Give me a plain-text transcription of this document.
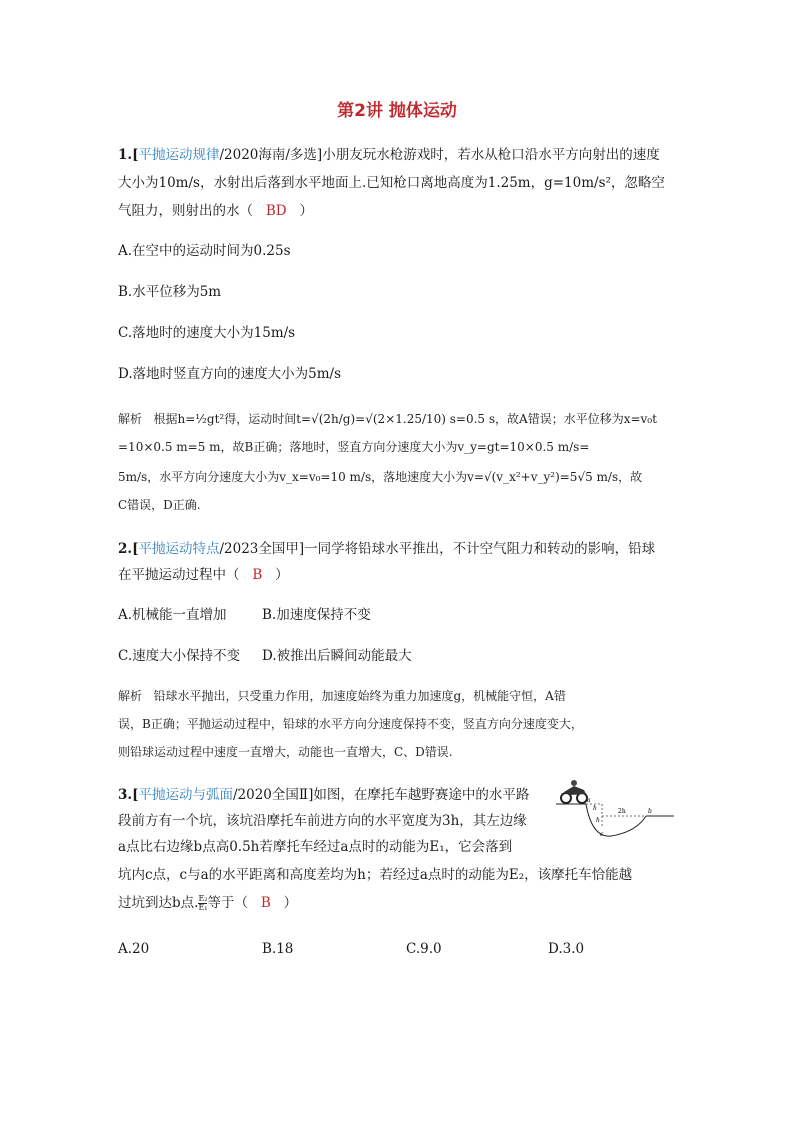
第2讲 抛体运动
1.[平抛运动规律/2020海南/多选]小朋友玩水枪游戏时，若水从枪口沿水平方向射出的速度
大小为10m/s，水射出后落到水平地面上.已知枪口离地高度为1.25m，g=10m/s²，忽略空
气阻力，则射出的水（ BD ）
A.在空中的运动时间为0.25s
B.水平位移为5m
C.落地时的速度大小为15m/s
D.落地时竖直方向的速度大小为5m/s
解析 根据h=½gt²得，运动时间t=√(2h/g)=√(2×1.25/10) s=0.5 s，故A错误；水平位移为x=v₀t
=10×0.5 m=5 m，故B正确；落地时，竖直方向分速度大小为v_y=gt=10×0.5 m/s=
5m/s，水平方向分速度大小为v_x=v₀=10 m/s，落地速度大小为v=√(v_x²+v_y²)=5√5 m/s，故
C错误，D正确.
2.[平抛运动特点/2023全国甲]一同学将铅球水平推出，不计空气阻力和转动的影响，铅球
在平抛运动过程中（ B ）
A.机械能一直增加	B.加速度保持不变
C.速度大小保持不变 D.被推出后瞬间动能最大
解析 铅球水平抛出，只受重力作用，加速度始终为重力加速度g，机械能守恒，A错
误，B正确；平抛运动过程中，铅球的水平方向分速度保持不变，竖直方向分速度变大，
则铅球运动过程中速度一直增大，动能也一直增大，C、D错误.
3.[平抛运动与弧面/2020全国Ⅱ]如图，在摩托车越野赛途中的水平路
段前方有一个坑，该坑沿摩托车前进方向的水平宽度为3h，其左边缘
a点比右边缘b点高0.5h若摩托车经过a点时的动能为E₁，它会落到
坑内c点，c与a的水平距离和高度差均为h；若经过a点时的动能为E₂，该摩托车恰能越
过坑到达b点. $\frac{\text{E₂}}{\text{E₁}}$ 等于（ B ）
A.20	B.18	C.9.0	D.3.0
a
h
h
2h	b
c
